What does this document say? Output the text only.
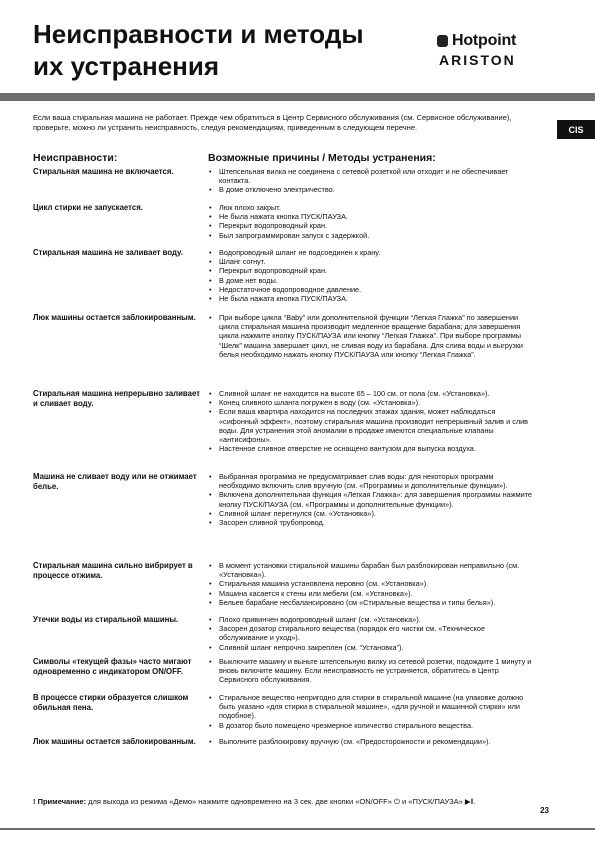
Неисправности и методы
их устранения
Hotpoint
ARISTON

Если ваша стиральная машина не работает. Прежде чем обратиться в Центр Сервисного обслуживания (см. Сервисное обслуживание), проверьте, можно ли устранить неисправность, следуя рекомендациям, приведенным в следующем перечне.	CIS
Неисправности:	Возможные причины / Методы устранения:
Стиральная машина не включается.	• Штепсельная вилка не соединена с сетевой розеткой или отходит и не обеспечивает контакта.
• В доме отключено электричество.
Цикл стирки не запускается.	• Люк плохо закрыт.
• Не была нажата кнопка ПУСК/ПАУЗА.
• Перекрыт водопроводный кран.
• Был запрограммирован запуск с задержкой.
Стиральная машина не заливает воду.	• Водопроводный шланг не подсоединен к крану.
• Шланг согнут.
• Перекрыт водопроводный кран.
• В доме нет воды.
• Недостаточное водопроводное давление.
• Не была нажата кнопка ПУСК/ПАУЗА.
Люк машины остается заблокированным.	• При выборе цикла “Baby” или дополнительной функции “Легкая Глажка” по завершении цикла стиральная машина производит медленное вращение барабана; для завершения цикла нажмите кнопку ПУСК/ПАУЗА или кнопку “Легкая Глажка”. При выборе программы “Шелк” машина завершает цикл, не сливая воду из барабана. Для слива воды и выгрузки белья необходимо нажать кнопку ПУСК/ПАУЗА или кнопку “Легкая Глажка”.
Стиральная машина непрерывно заливает и сливает воду.
• Сливной шланг не находится на высоте 65 – 100 см. от пола (см. «Установка»).
• Конец сливного шланга погружен в воду (см. «Установка»).
• Если ваша квартира находится на последних этажах здания, может наблюдаться «сифонный эффект», поэтому стиральная машина производит непрерывный залив и слив воды. Для устранения этой аномалии в продаже имеются специальные клапаны «антисифоны».
• Настенное сливное отверстие не оснащено вантузом для выпуска воздуха.
Машина не сливает воду или не отжимает белье.
• Выбранная программа не предусматривает слив воды: для некоторых программ необходимо включить слив вручную (см. «Программы и дополнительные функции»).
• Включена дополнительная функция «Легкая Глажка»: для завершения программы нажмите кнопку ПУСК/ПАУЗА (см. «Программы и дополнительные функции»).
• Сливной шланг перегнулся (см. «Установка»).
• Засорен сливной трубопровод.
Стиральная машина сильно вибрирует в процессе отжима.
• В момент установки стиральной машины барабан был разблокирован неправильно (см. «Установка»).
• Стиральная машина установлена неровно (см. «Установка»).
• Машина касается к стены или мебели (см. «Установка»).
• Бельев барабане несбалансировано (см «Стиральные вещества и типы белья»).
Утечки воды из стиральной машины.	• Плохо привинчен водопроводный шланг (см. «Установка»).
• Засорен дозатор стирального вещества (порядок его чистки см. «Техническое обслуживание и уход»).
• Сливной шланг непрочно закреплен (см. “Установка”).
Символы «текущей фазы» часто мигают одновременно с индикатором ON/OFF.
• Выключите машину и выньте штепсельную вилку из сетевой розетки, подождите 1 минуту и вновь включите машину. Если неисправность не устраняется, обратитесь в Центр Сервисного обслуживания.
В процессе стирки образуется слишком обильная пена.
• Стиральное вещество непригодно для стирки в стиральной машине (на упаковке должно быть указано «для стирки в стиральной машине», «для ручной и машинной стирки» или подобное).
• В дозатор было помещено чрезмерное количество стирального вещества.
Люк машины остается заблокированным.	• Выполните разблокировку вручную (см. «Предосторожности и рекомендации»).
! Примечание: для выхода из режима «Демо» нажмите одновременно на 3 сек. две кнопки «ON/OFF» ⏻ и «ПУСК/ПАУЗА» ▶‖.
23
